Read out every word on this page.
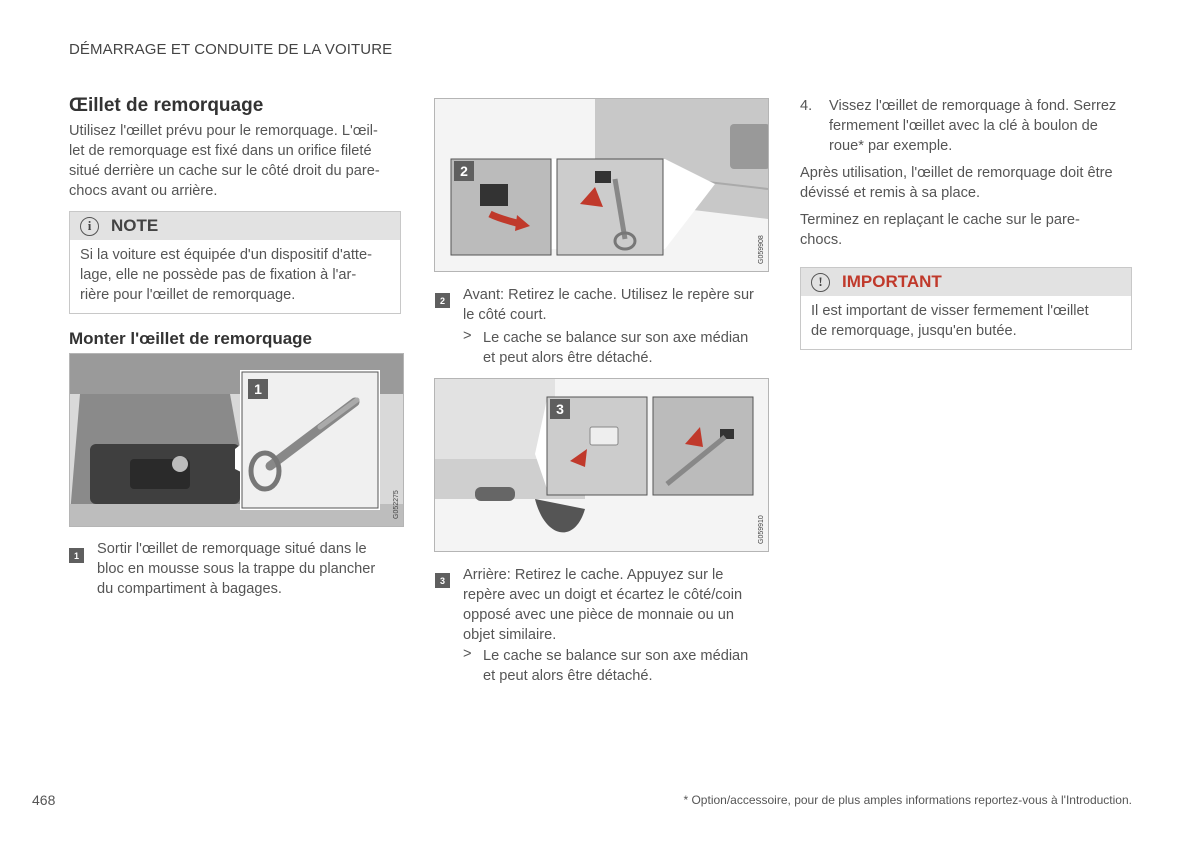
DÉMARRAGE ET CONDUITE DE LA VOITURE
Œillet de remorquage
Utilisez l'œillet prévu pour le remorquage. L'œil-
let de remorquage est fixé dans un orifice fileté
situé derrière un cache sur le côté droit du pare-
chocs avant ou arrière.
i	NOTE
Si la voiture est équipée d'un dispositif d'atte-
lage, elle ne possède pas de fixation à l'ar-
rière pour l'œillet de remorquage.
Monter l'œillet de remorquage
1
G052275
1	Sortir l'œillet de remorquage situé dans le
bloc en mousse sous la trappe du plancher
du compartiment à bagages.
2
G059908
2	Avant: Retirez le cache. Utilisez le repère sur
le côté court.
> Le cache se balance sur son axe médian
et peut alors être détaché.
3
G059910
3	Arrière: Retirez le cache. Appuyez sur le
repère avec un doigt et écartez le côté/coin
opposé avec une pièce de monnaie ou un
objet similaire.
> Le cache se balance sur son axe médian
et peut alors être détaché.
4. Vissez l'œillet de remorquage à fond. Serrez
fermement l'œillet avec la clé à boulon de
roue* par exemple.
Après utilisation, l'œillet de remorquage doit être
dévissé et remis à sa place.
Terminez en replaçant le cache sur le pare-
chocs.
!	IMPORTANT
Il est important de visser fermement l'œillet
de remorquage, jusqu'en butée.
468	* Option/accessoire, pour de plus amples informations reportez-vous à l'Introduction.
